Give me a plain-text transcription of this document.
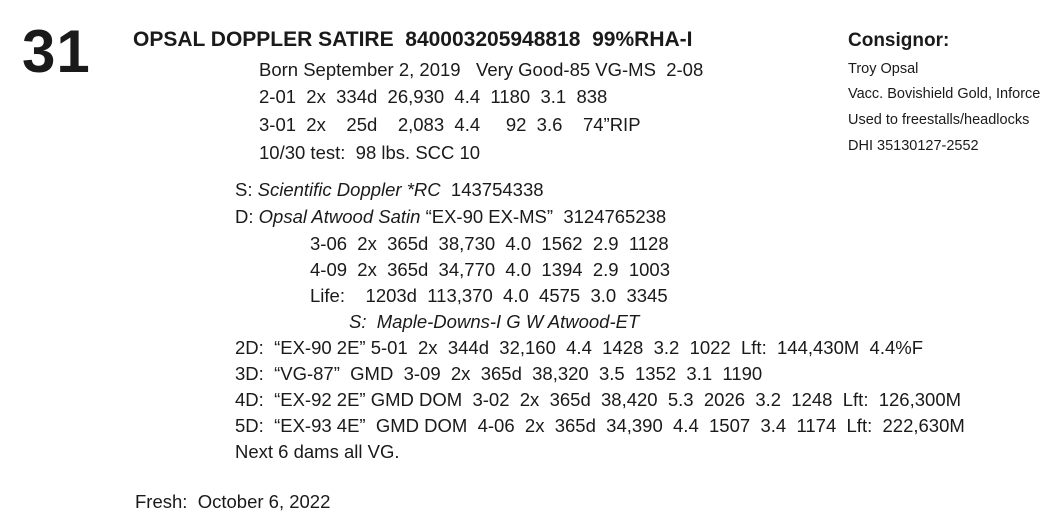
31 OPSAL DOPPLER SATIRE  840003205948818  99%RHA-I
Born September 2, 2019   Very Good-85 VG-MS  2-08
2-01  2x  334d  26,930  4.4  1180  3.1  838
3-01  2x    25d    2,083  4.4     92  3.6    74”RIP
10/30 test:  98 lbs. SCC 10
Consignor:
Troy Opsal
Vacc. Bovishield Gold, Inforce
Used to freestalls/headlocks
DHI 35130127-2552
S: Scientific Doppler *RC  143754338
D: Opsal Atwood Satin “EX-90 EX-MS”  3124765238
3-06  2x  365d  38,730  4.0  1562  2.9  1128
4-09  2x  365d  34,770  4.0  1394  2.9  1003
Life:    1203d  113,370  4.0  4575  3.0  3345
S:  Maple-Downs-I G W Atwood-ET
2D:  “EX-90 2E” 5-01  2x  344d  32,160  4.4  1428  3.2  1022  Lft:  144,430M  4.4%F
3D:  “VG-87”  GMD  3-09  2x  365d  38,320  3.5  1352  3.1  1190
4D:  “EX-92 2E” GMD DOM  3-02  2x  365d  38,420  5.3  2026  3.2  1248  Lft:  126,300M
5D:  “EX-93 4E”  GMD DOM  4-06  2x  365d  34,390  4.4  1507  3.4  1174  Lft:  222,630M
Next 6 dams all VG.
Fresh:  October 6, 2022
